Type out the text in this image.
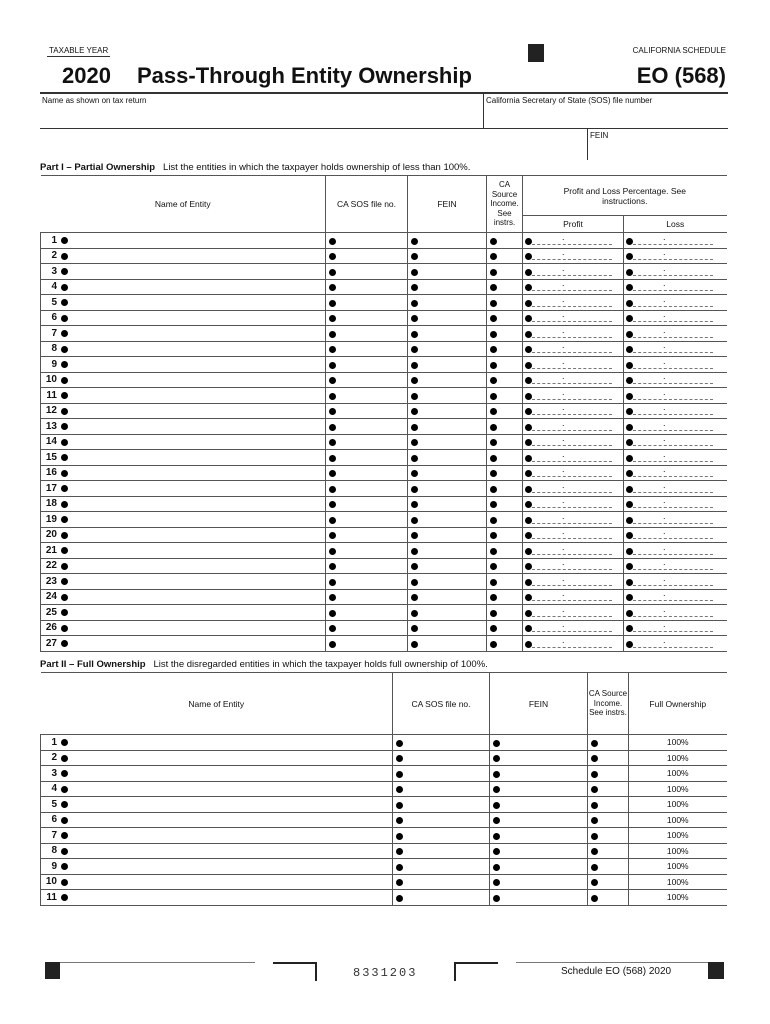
TAXABLE YEAR	CALIFORNIA SCHEDULE
2020 Pass-Through Entity Ownership	EO (568)
Name as shown on tax return	California Secretary of State (SOS) file number
FEIN
Part I – Partial Ownership List the entities in which the taxpayer holds ownership of less than 100%.
Name of Entity	CA SOS file no.	FEIN	CA Source Income. See instrs.	Profit and Loss Percentage. See instructions.	
				Profit	Loss
1				.	.
2				.	.
3				.	.
4				.	.
5				.	.
6				.	.
7				.	.
8				.	.
9				.	.
10				.	.
11				.	.
12				.	.
13				.	.
14				.	.
15				.	.
16				.	.
17				.	.
18				.	.
19				.	.
20				.	.
21				.	.
22				.	.
23				.	.
24				.	.
25				.	.
26				.	.
27				.	.
Part II – Full Ownership List the disregarded entities in which the taxpayer holds full ownership of 100%.
Name of Entity	CA SOS file no.	FEIN	CA Source Income. See instrs.	Full Ownership
1				100%
2				100%
3				100%
4				100%
5				100%
6				100%
7				100%
8				100%
9				100%
10				100%
11				100%
8331203	Schedule EO (568) 2020
